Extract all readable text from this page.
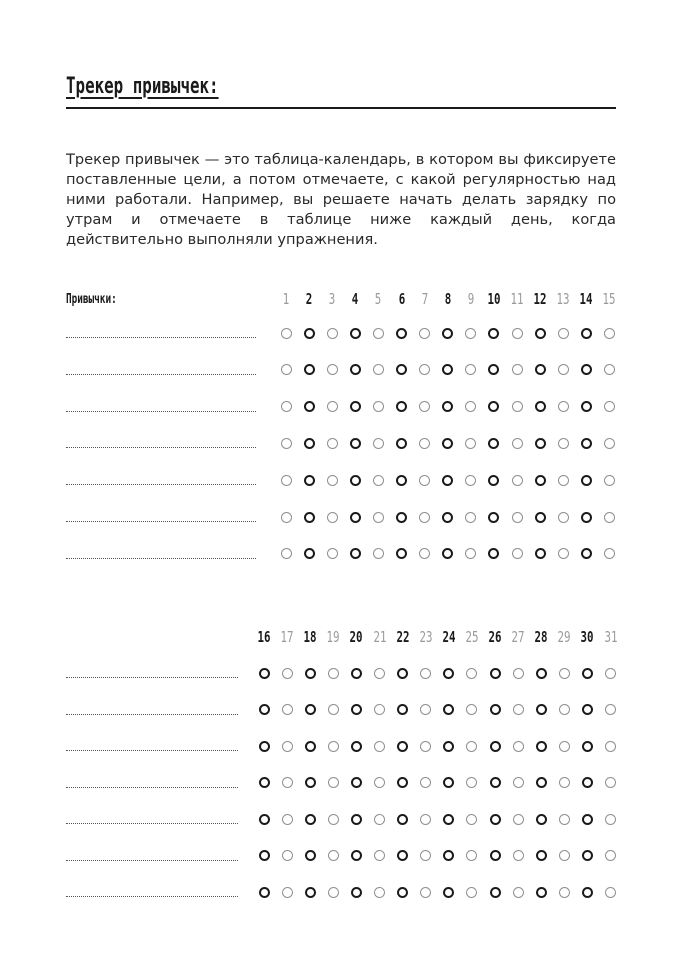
Трекер привычек:

Трекер привычек — это таблица-календарь, в котором вы фиксируете поставленные цели, а потом отмечаете, с какой регулярностью над ними работали. Например, вы решаете начать делать зарядку по утрам и отмечаете в таблице ниже каждый день, когда действительно выполняли упражнения.

Привычки:	1 2 3 4 5 6 7 8 9 10 11 12 13 14 15
16 17 18 19 20 21 22 23 24 25 26 27 28 29 30 31
